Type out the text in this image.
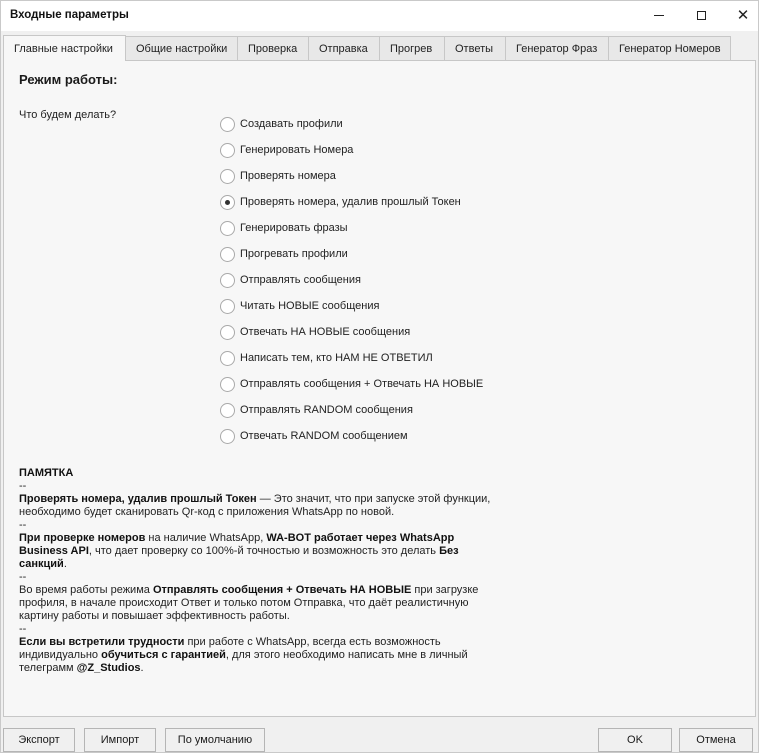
Входные параметры	✕
Главные настройки	Общие настройки	Проверка	Отправка	Прогрев	Ответы	Генератор Фраз	Генератор Номеров
Режим работы:
Что будем делать?
Создавать профили
Генерировать Номера
Проверять номера
Проверять номера, удалив прошлый Токен
Генерировать фразы
Прогревать профили
Отправлять сообщения
Читать НОВЫЕ сообщения
Отвечать НА НОВЫЕ сообщения
Написать тем, кто НАМ НЕ ОТВЕТИЛ
Отправлять сообщения + Отвечать НА НОВЫЕ
Отправлять RANDOM сообщения
Отвечать RANDOM сообщением

ПАМЯТКА

--

Проверять номера, удалив прошлый Токен — Это значит, что при запуске этой функции, необходимо будет сканировать Qr-код с приложения WhatsApp по новой.

--

При проверке номеров на наличие WhatsApp, WA-BOT работает через WhatsApp Business API, что дает проверку со 100%-й точностью и возможность это делать Без санкций.

--

Во время работы режима Отправлять сообщения + Отвечать НА НОВЫЕ при загрузке профиля, в начале происходит Ответ и только потом Отправка, что даёт реалистичную картину работы и повышает эффективность работы.

--

Если вы встретили трудности при работе с WhatsApp, всегда есть возможность индивидуально обучиться с гарантией, для этого необходимо написать мне в личный телеграмм @Z_Studios.

Экспорт	Импорт	По умолчанию	OK	Отмена
